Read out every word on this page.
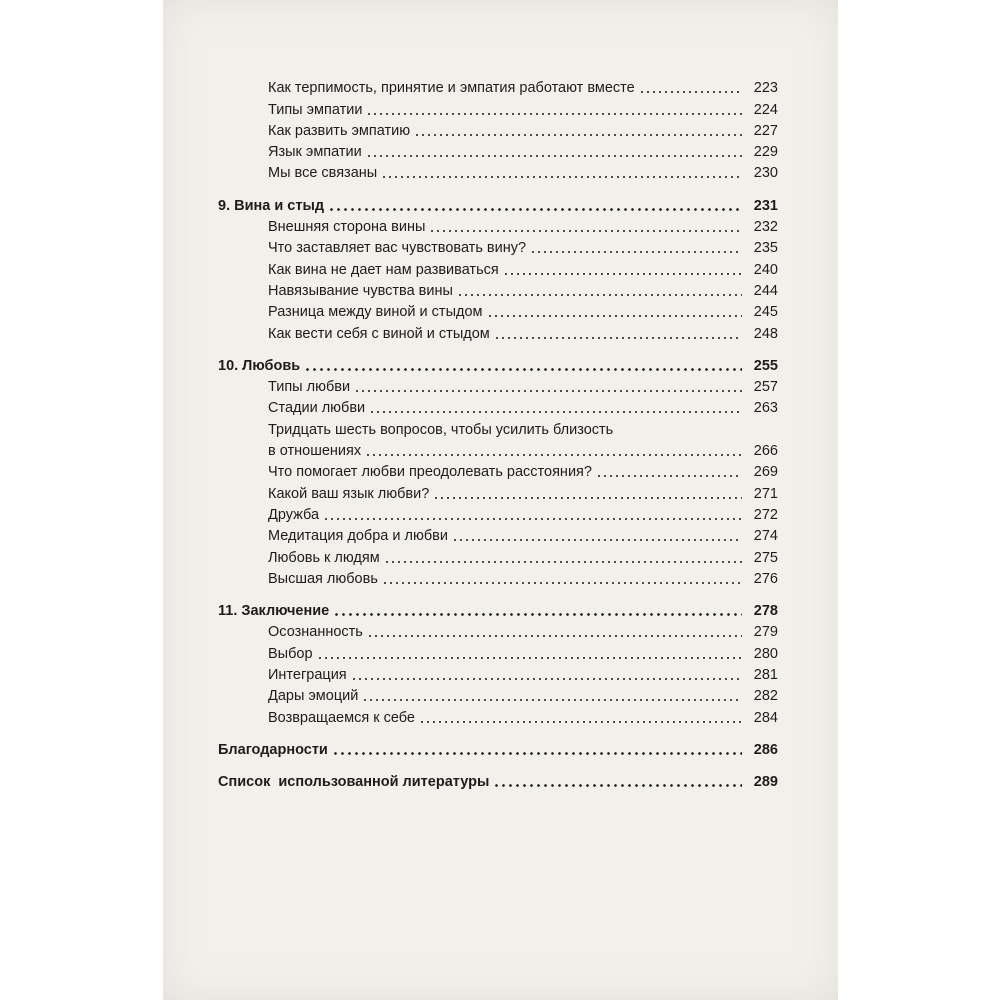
Как терпимость, принятие и эмпатия работают вместе	223
Типы эмпатии	224
Как развить эмпатию	227
Язык эмпатии	229
Мы все связаны	230
9. Вина и стыд	231
Внешняя сторона вины	232
Что заставляет вас чувствовать вину?	235
Как вина не дает нам развиваться	240
Навязывание чувства вины	244
Разница между виной и стыдом	245
Как вести себя с виной и стыдом	248
10. Любовь	255
Типы любви	257
Стадии любви	263
Тридцать шесть вопросов, чтобы усилить близость
в отношениях	266
Что помогает любви преодолевать расстояния?	269
Какой ваш язык любви?	271
Дружба	272
Медитация добра и любви	274
Любовь к людям	275
Высшая любовь	276
11. Заключение	278
Осознанность	279
Выбор	280
Интеграция	281
Дары эмоций	282
Возвращаемся к себе	284
Благодарности	286
Список  использованной литературы	289
